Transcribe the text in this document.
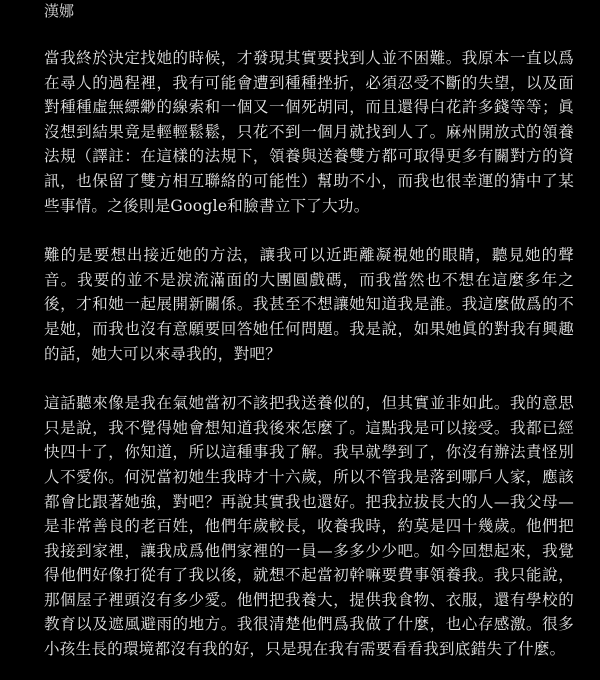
漢娜

當我終於決定找她的時候，才發現其實要找到人並不困難。我原本一直以爲在尋人的過程裡，我有可能會遭到種種挫折，必須忍受不斷的失望，以及面對種種虛無縹緲的線索和一個又一個死胡同，而且還得白花許多錢等等；眞沒想到結果竟是輕輕鬆鬆，只花不到一個月就找到人了。麻州開放式的領養法規（譯註：在這樣的法規下，領養與送養雙方都可取得更多有關對方的資訊，也保留了雙方相互聯絡的可能性）幫助不小，而我也很幸運的猜中了某些事情。之後則是Google和臉書立下了大功。

難的是要想出接近她的方法，讓我可以近距離凝視她的眼睛，聽見她的聲音。我要的並不是淚流滿面的大團圓戲碼，而我當然也不想在這麼多年之後，才和她一起展開新關係。我甚至不想讓她知道我是誰。我這麼做爲的不是她，而我也沒有意願要回答她任何問題。我是說，如果她眞的對我有興趣的話，她大可以來尋我的，對吧？

這話聽來像是我在氣她當初不該把我送養似的，但其實並非如此。我的意思只是說，我不覺得她會想知道我後來怎麼了。這點我是可以接受。我都已經快四十了，你知道，所以這種事我了解。我早就學到了，你沒有辦法責怪別人不愛你。何況當初她生我時才十六歲，所以不管我是落到哪戶人家，應該都會比跟著她強，對吧？再說其實我也還好。把我拉拔長大的人—我父母—是非常善良的老百姓，他們年歲較長，收養我時，約莫是四十幾歲。他們把我接到家裡，讓我成爲他們家裡的一員—多多少少吧。如今回想起來，我覺得他們好像打從有了我以後，就想不起當初幹嘛要費事領養我。我只能說，那個屋子裡頭沒有多少愛。他們把我養大，提供我食物、衣服，還有學校的教育以及遮風避雨的地方。我很清楚他們爲我做了什麼，也心存感激。很多小孩生長的環境都沒有我的好，只是現在我有需要看看我到底錯失了什麼。
